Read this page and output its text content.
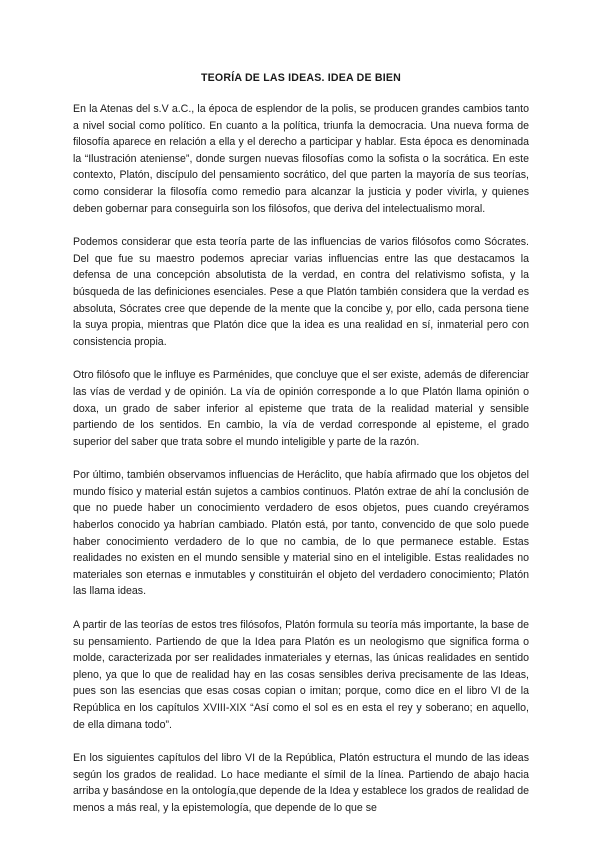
TEORÍA DE LAS IDEAS. IDEA DE BIEN

En la Atenas del s.V a.C., la época de esplendor de la polis, se producen grandes cambios tanto a nivel social como político. En cuanto a la política, triunfa la democracia. Una nueva forma de filosofía aparece en relación a ella y el derecho a participar y hablar. Esta época es denominada la “Ilustración ateniense”, donde surgen nuevas filosofías como la sofista o la socrática. En este contexto, Platón, discípulo del pensamiento socrático, del que parten la mayoría de sus teorías, como considerar la filosofía como remedio para alcanzar la justicia y poder vivirla, y quienes deben gobernar para conseguirla son los filósofos, que deriva del intelectualismo moral.

Podemos considerar que esta teoría parte de las influencias de varios filósofos como Sócrates. Del que fue su maestro podemos apreciar varias influencias entre las que destacamos la defensa de una concepción absolutista de la verdad, en contra del relativismo sofista, y la búsqueda de las definiciones esenciales. Pese a que Platón también considera que la verdad es absoluta, Sócrates cree que depende de la mente que la concibe y, por ello, cada persona tiene la suya propia, mientras que Platón dice que la idea es una realidad en sí, inmaterial pero con consistencia propia.

Otro filósofo que le influye es Parménides, que concluye que el ser existe, además de diferenciar las vías de verdad y de opinión. La vía de opinión corresponde a lo que Platón llama opinión o doxa, un grado de saber inferior al episteme que trata de la realidad material y sensible partiendo de los sentidos. En cambio, la vía de verdad corresponde al episteme, el grado superior del saber que trata sobre el mundo inteligible y parte de la razón.

Por último, también observamos influencias de Heráclito, que había afirmado que los objetos del mundo físico y material están sujetos a cambios continuos. Platón extrae de ahí la conclusión de que no puede haber un conocimiento verdadero de esos objetos, pues cuando creyéramos haberlos conocido ya habrían cambiado. Platón está, por tanto, convencido de que solo puede haber conocimiento verdadero de lo que no cambia, de lo que permanece estable. Estas realidades no existen en el mundo sensible y material sino en el inteligible. Estas realidades no materiales son eternas e inmutables y constituirán el objeto del verdadero conocimiento; Platón las llama ideas.

A partir de las teorías de estos tres filósofos, Platón formula su teoría más importante, la base de su pensamiento. Partiendo de que la Idea para Platón es un neologismo que significa forma o molde, caracterizada por ser realidades inmateriales y eternas, las únicas realidades en sentido pleno, ya que lo que de realidad hay en las cosas sensibles deriva precisamente de las Ideas, pues son las esencias que esas cosas copian o imitan; porque, como dice en el libro VI de la República en los capítulos XVIII-XIX “Así como el sol es en esta el rey y soberano; en aquello, de ella dimana todo”.

En los siguientes capítulos del libro VI de la República, Platón estructura el mundo de las ideas según los grados de realidad. Lo hace mediante el símil de la línea. Partiendo de abajo hacia arriba y basándose en la ontología,que depende de la Idea y establece los grados de realidad de menos a más real, y la epistemología, que depende de lo que se
